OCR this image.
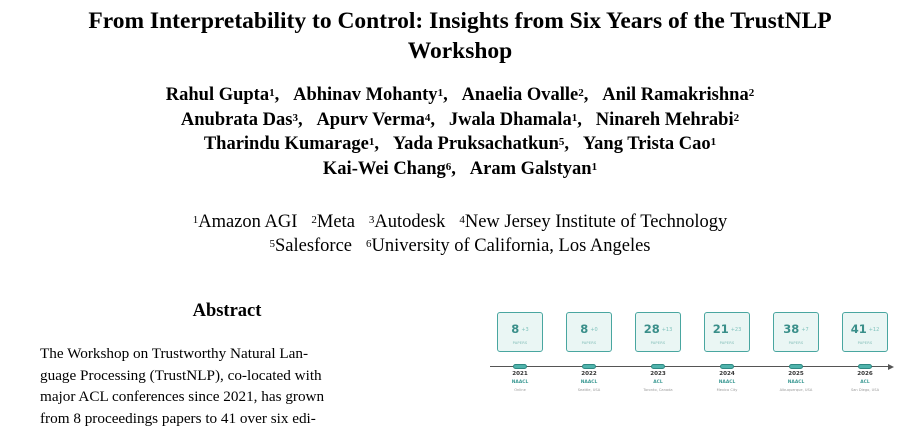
From Interpretability to Control: Insights from Six Years of the TrustNLP
Workshop
Rahul Gupta$^1$,   Abhinav Mohanty$^1$,   Anaelia Ovalle$^2$,   Anil Ramakrishna$^2$
Anubrata Das$^3$,   Apurv Verma$^4$,   Jwala Dhamala$^1$,   Ninareh Mehrabi$^2$
Tharindu Kumarage$^1$,   Yada Pruksachatkun$^5$,   Yang Trista Cao$^1$
Kai-Wei Chang$^6$,   Aram Galstyan$^1$
$^1$Amazon AGI $^2$Meta $^3$Autodesk $^4$New Jersey Institute of Technology
$^5$Salesforce $^6$University of California, Los Angeles
Abstract
The Workshop on Trustworthy Natural Lan-
guage Processing (TrustNLP), co-located with
major ACL conferences since 2021, has grown
from 8 proceedings papers to 41 over six edi-
8 +3
PAPERS
2021
NAACL
Online
8 +0
PAPERS
2022
NAACL
Seattle, USA
28 +13
PAPERS
2023
ACL
Toronto, Canada
21 +23
PAPERS
2024
NAACL
Mexico City
38 +7
PAPERS
2025
NAACL
Albuquerque, USA
41 +12
PAPERS
2026
ACL
San Diego, USA
